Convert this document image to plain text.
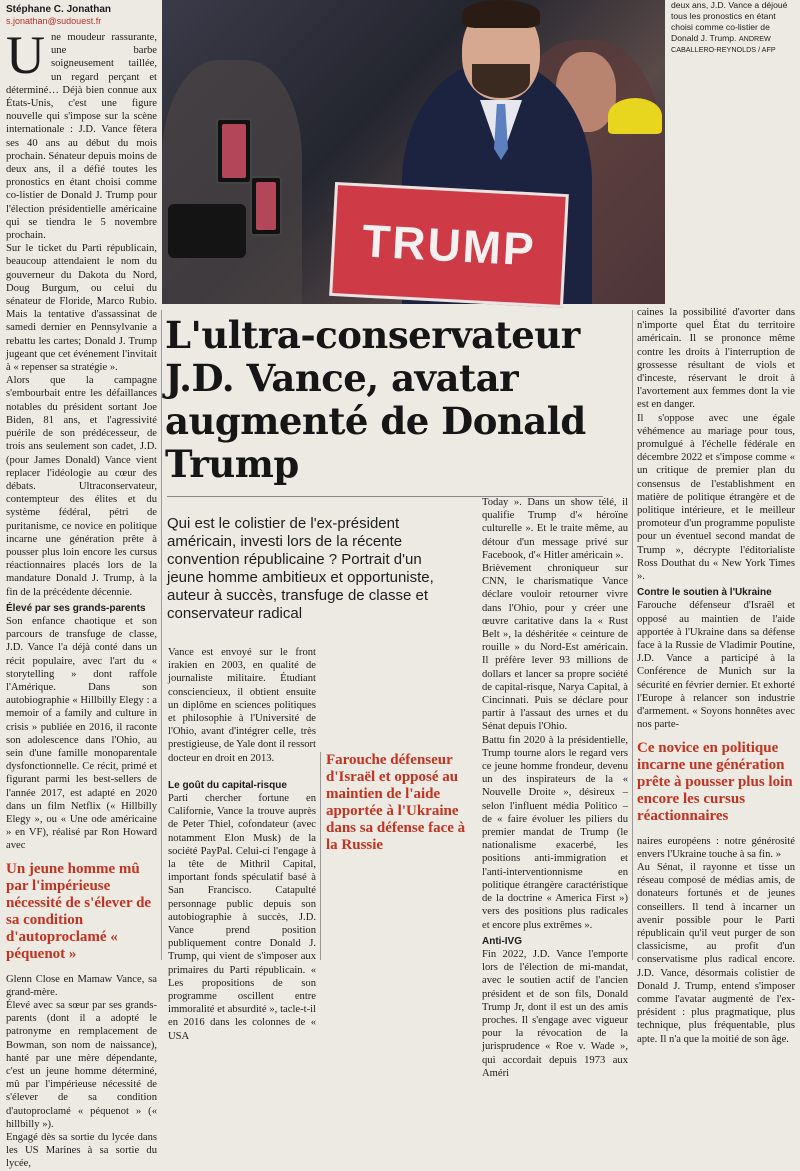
Stéphane C. Jonathan

s.jonathan@sudouest.fr

Une moudeur rassurante, une barbe soigneusement taillée, un regard perçant et déterminé… Déjà bien connue aux États-Unis, c'est une figure nouvelle qui s'impose sur la scène internationale : J.D. Vance fêtera ses 40 ans au début du mois prochain. Sénateur depuis moins de deux ans, il a défié toutes les pronostics en étant choisi comme co-listier de Donald J. Trump pour l'élection présidentielle américaine qui se tiendra le 5 novembre prochain.

Sur le ticket du Parti républicain, beaucoup attendaient le nom du gouverneur du Dakota du Nord, Doug Burgum, ou celui du sénateur de Floride, Marco Rubio. Mais la tentative d'assassinat de samedi dernier en Pennsylvanie a rebattu les cartes; Donald J. Trump jugeant que cet événement l'invitait à « repenser sa stratégie ».

Alors que la campagne s'embourbait entre les défaillances notables du président sortant Joe Biden, 81 ans, et l'agressivité puérile de son prédécesseur, de trois ans seulement son cadet, J.D. (pour James Donald) Vance vient replacer l'idéologie au cœur des débats. Ultraconservateur, contempteur des élites et du système fédéral, pétri de puritanisme, ce novice en politique incarne une génération prête à pousser plus loin encore les cursus réactionnaires placés lors de la mandature Donald J. Trump, à la fin de la précédente décennie.

Élevé par ses grands-parents

Son enfance chaotique et son parcours de transfuge de classe, J.D. Vance l'a déjà conté dans un récit populaire, avec l'art du « storytelling » dont raffole l'Amérique. Dans son autobiographie « Hillbilly Elegy : a memoir of a family and culture in crisis » publiée en 2016, il raconte son adolescence dans l'Ohio, au sein d'une famille monoparentale dysfonctionnelle. Ce récit, primé et figurant parmi les best-sellers de l'année 2017, est adapté en 2020 dans un film Netflix (« Hillbilly Elegy », ou « Une ode américaine » en VF), réalisé par Ron Howard avec

Un jeune homme mû par l'impérieuse nécessité de s'élever de sa condition d'autoproclamé « péquenot »

Glenn Close en Mamaw Vance, sa grand-mère.

Élevé avec sa sœur par ses grands-parents (dont il a adopté le patronyme en remplacement de Bowman, son nom de naissance), hanté par une mère dépendante, c'est un jeune homme déterminé, mû par l'impérieuse nécessité de s'élever de sa condition d'autoproclamé « péquenot » (« hillbilly »).

Engagé dès sa sortie du lycée dans les US Marines à sa sortie du lycée,

TRUMP

deux ans, J.D. Vance a déjoué tous les pronostics en étant choisi comme co-listier de Donald J. Trump. ANDREW CABALLERO-REYNOLDS / AFP

L'ultra-conservateur J.D. Vance, avatar augmenté de Donald Trump

Qui est le colistier de l'ex-président américain, investi lors de la récente convention républicaine ? Portrait d'un jeune homme ambitieux et opportuniste, auteur à succès, transfuge de classe et conservateur radical

Vance est envoyé sur le front irakien en 2003, en qualité de journaliste militaire. Étudiant consciencieux, il obtient ensuite un diplôme en sciences politiques et philosophie à l'Université de l'Ohio, avant d'intégrer celle, très prestigieuse, de Yale dont il ressort docteur en droit en 2013.

Le goût du capital-risque

Parti chercher fortune en Californie, Vance la trouve auprès de Peter Thiel, cofondateur (avec notamment Elon Musk) de la société PayPal. Celui-ci l'engage à la tête de Mithril Capital, important fonds spéculatif basé à San Francisco. Catapulté personnage public depuis son autobiographie à succès, J.D. Vance prend position publiquement contre Donald J. Trump, qui vient de s'imposer aux primaires du Parti républicain. « Les propositions de son programme oscillent entre immoralité et absurdité », tacle-t-il en 2016 dans les colonnes de « USA

Farouche défenseur d'Israël et opposé au maintien de l'aide apportée à l'Ukraine dans sa défense face à la Russie

Today ». Dans un show télé, il qualifie Trump d'« héroïne culturelle ». Et le traite même, au détour d'un message privé sur Facebook, d'« Hitler américain ».

Brièvement chroniqueur sur CNN, le charismatique Vance déclare vouloir retourner vivre dans l'Ohio, pour y créer une œuvre caritative dans la « Rust Belt », la déshéritée « ceinture de rouille » du Nord-Est américain. Il préfère lever 93 millions de dollars et lancer sa propre société de capital-risque, Narya Capital, à Cincinnati. Puis se déclare pour partir à l'assaut des urnes et du Sénat depuis l'Ohio.

Battu fin 2020 à la présidentielle, Trump tourne alors le regard vers ce jeune homme frondeur, devenu un des inspirateurs de la « Nouvelle Droite », désireux – selon l'influent média Politico – de « faire évoluer les piliers du premier mandat de Trump (le nationalisme exacerbé, les positions anti-immigration et l'anti-interventionnisme en politique étrangère caractéristique de la doctrine « America First ») vers des positions plus radicales et encore plus extrêmes ».

Anti-IVG

Fin 2022, J.D. Vance l'emporte lors de l'élection de mi-mandat, avec le soutien actif de l'ancien président et de son fils, Donald Trump Jr, dont il est un des amis proches. Il s'engage avec vigueur pour la révocation de la jurisprudence « Roe v. Wade », qui accordait depuis 1973 aux Améri

caines la possibilité d'avorter dans n'importe quel État du territoire américain. Il se prononce même contre les droits à l'interruption de grossesse résultant de viols et d'inceste, réservant le droit à l'avortement aux femmes dont la vie est en danger.

Il s'oppose avec une égale véhémence au mariage pour tous, promulgué à l'échelle fédérale en décembre 2022 et s'impose comme « un critique de premier plan du consensus de l'establishment en matière de politique étrangère et de politique intérieure, et le meilleur promoteur d'un programme populiste pour un éventuel second mandat de Trump », décrypte l'éditorialiste Ross Douthat du « New York Times ».

Contre le soutien à l'Ukraine

Farouche défenseur d'Israël et opposé au maintien de l'aide apportée à l'Ukraine dans sa défense face à la Russie de Vladimir Poutine, J.D. Vance a participé à la Conférence de Munich sur la sécurité en février dernier. Et exhorté l'Europe à relancer son industrie d'armement. « Soyons honnêtes avec nos parte-

Ce novice en politique incarne une génération prête à pousser plus loin encore les cursus réactionnaires

naires européens : notre générosité envers l'Ukraine touche à sa fin. »

Au Sénat, il rayonne et tisse un réseau composé de médias amis, de donateurs fortunés et de jeunes conseillers. Il tend à incarner un avenir possible pour le Parti républicain qu'il veut purger de son classicisme, au profit d'un conservatisme plus radical encore. J.D. Vance, désormais colistier de Donald J. Trump, entend s'imposer comme l'avatar augmenté de l'ex-président : plus pragmatique, plus technique, plus fréquentable, plus apte. Il n'a que la moitié de son âge.
